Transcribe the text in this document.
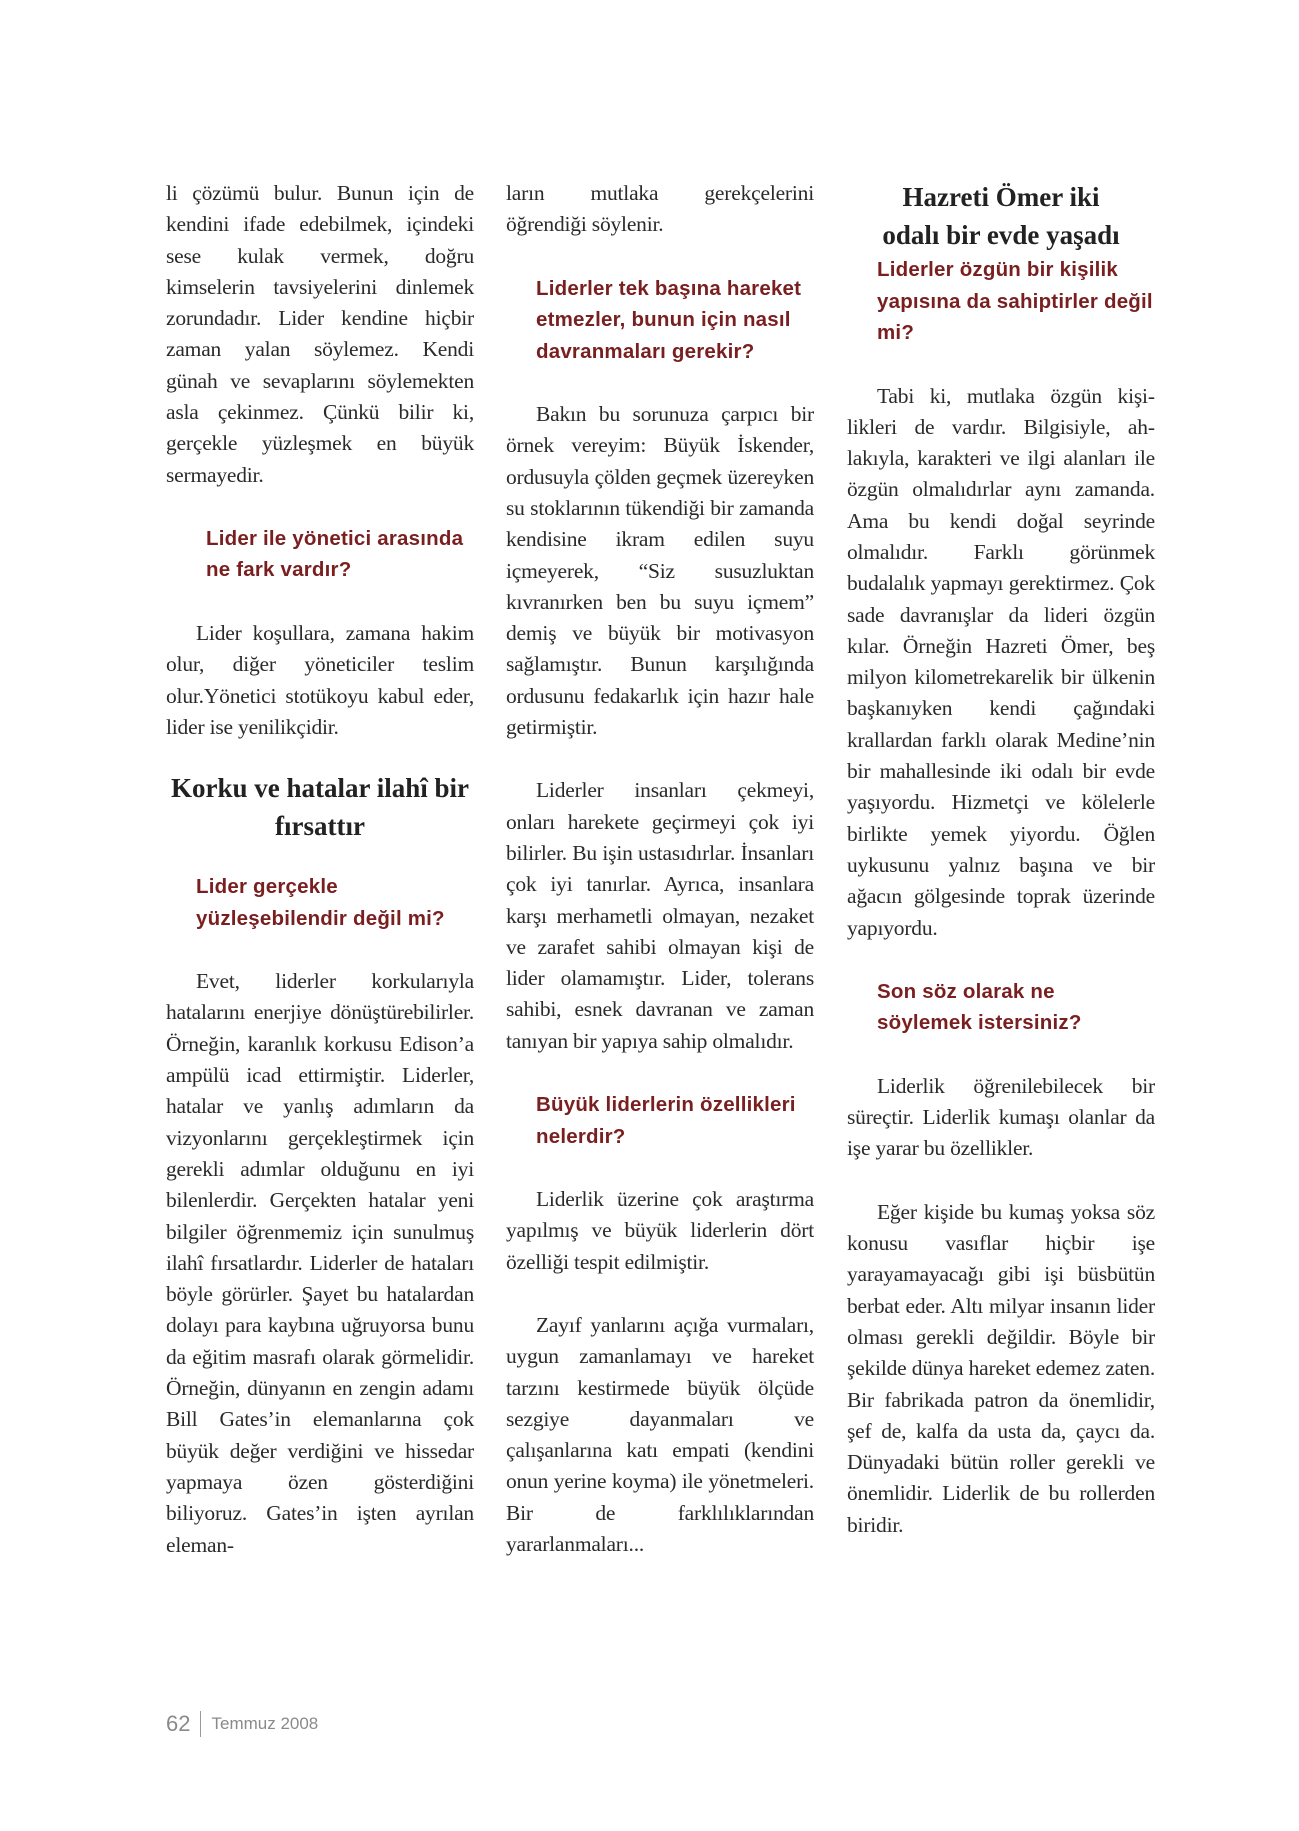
li çözümü bulur. Bunun için de kendini ifade edebilmek, içindeki sese kulak vermek, doğru kimselerin tavsiyelerini dinlemek zorundadır. Lider kendine hiçbir zaman yalan söylemez. Kendi günah ve sevaplarını söylemekten asla çekinmez. Çünkü bilir ki, gerçekle yüzleşmek en büyük sermayedir.

Lider ile yönetici arasında ne fark vardır?

Lider koşullara, zamana hakim olur, diğer yöneticiler teslim olur.Yönetici stotükoyu kabul eder, lider ise yenilikçidir.

Korku ve hatalar ilahî bir fırsattır
Lider gerçekle yüzleşebilendir değil mi?

Evet, liderler korkularıyla hatalarını enerjiye dönüştürebilirler. Örneğin, karanlık korkusu Edison’a ampülü icad ettirmiştir. Liderler, hatalar ve yanlış adımların da vizyonlarını gerçekleştirmek için gerekli adımlar olduğunu en iyi bilenlerdir. Gerçekten hatalar yeni bilgiler öğrenmemiz için sunulmuş ilahî fırsatlardır. Liderler de hataları böyle görürler. Şayet bu hatalardan dolayı para kaybına uğruyorsa bunu da eğitim masrafı olarak görmelidir. Örneğin, dünyanın en zengin adamı Bill Gates’in elemanlarına çok büyük değer verdiğini ve hissedar yapmaya özen gösterdiğini biliyoruz. Gates’in işten ayrılan eleman-

ların mutlaka gerekçelerini öğrendiği söylenir.

Liderler tek başına hareket etmezler, bunun için nasıl davranmaları gerekir?

Bakın bu sorunuza çarpıcı bir örnek vereyim: Büyük İskender, ordusuyla çölden geçmek üzereyken su stoklarının tükendiği bir zamanda kendisine ikram edilen suyu içmeyerek, “Siz susuzluktan kıvranırken ben bu suyu içmem” demiş ve büyük bir motivasyon sağlamıştır. Bunun karşılığında ordusunu fedakarlık için hazır hale getirmiştir.

Liderler insanları çekmeyi, onları harekete geçirmeyi çok iyi bilirler. Bu işin ustasıdırlar. İnsanları çok iyi tanırlar. Ayrıca, insanlara karşı merhametli olmayan, nezaket ve zarafet sahibi olmayan kişi de lider olamamıştır. Lider, tolerans sahibi, esnek davranan ve zaman tanıyan bir yapıya sahip olmalıdır.

Büyük liderlerin özellikleri nelerdir?

Liderlik üzerine çok araştırma yapılmış ve büyük liderlerin dört özelliği tespit edilmiştir.

Zayıf yanlarını açığa vurmaları, uygun zamanlamayı ve hareket tarzını kestirmede büyük ölçüde sezgiye dayanmaları ve çalışanlarına katı empati (kendini onun yerine koyma) ile yönetmeleri. Bir de farklılıklarından yararlanmaları...

Hazreti Ömer iki odalı bir evde yaşadı
Liderler özgün bir kişilik yapısına da sahiptirler değil mi?

Tabi ki, mutlaka özgün kişilikleri de vardır. Bilgisiyle, ahlakıyla, karakteri ve ilgi alanları ile özgün olmalıdırlar aynı zamanda. Ama bu kendi doğal seyrinde olmalıdır. Farklı görünmek budalalık yapmayı gerektirmez. Çok sade davranışlar da lideri özgün kılar. Örneğin Hazreti Ömer, beş milyon kilometrekarelik bir ülkenin başkanıyken kendi çağındaki krallardan farklı olarak Medine’nin bir mahallesinde iki odalı bir evde yaşıyordu. Hizmetçi ve kölelerle birlikte yemek yiyordu. Öğlen uykusunu yalnız başına ve bir ağacın gölgesinde toprak üzerinde yapıyordu.

Son söz olarak ne söylemek istersiniz?

Liderlik öğrenilebilecek bir süreçtir. Liderlik kumaşı olanlar da işe yarar bu özellikler.

Eğer kişide bu kumaş yoksa söz konusu vasıflar hiçbir işe yarayamayacağı gibi işi büsbütün berbat eder. Altı milyar insanın lider olması gerekli değildir. Böyle bir şekilde dünya hareket edemez zaten. Bir fabrikada patron da önemlidir, şef de, kalfa da usta da, çaycı da. Dünyadaki bütün roller gerekli ve önemlidir. Liderlik de bu rollerden biridir.

62 Temmuz 2008
